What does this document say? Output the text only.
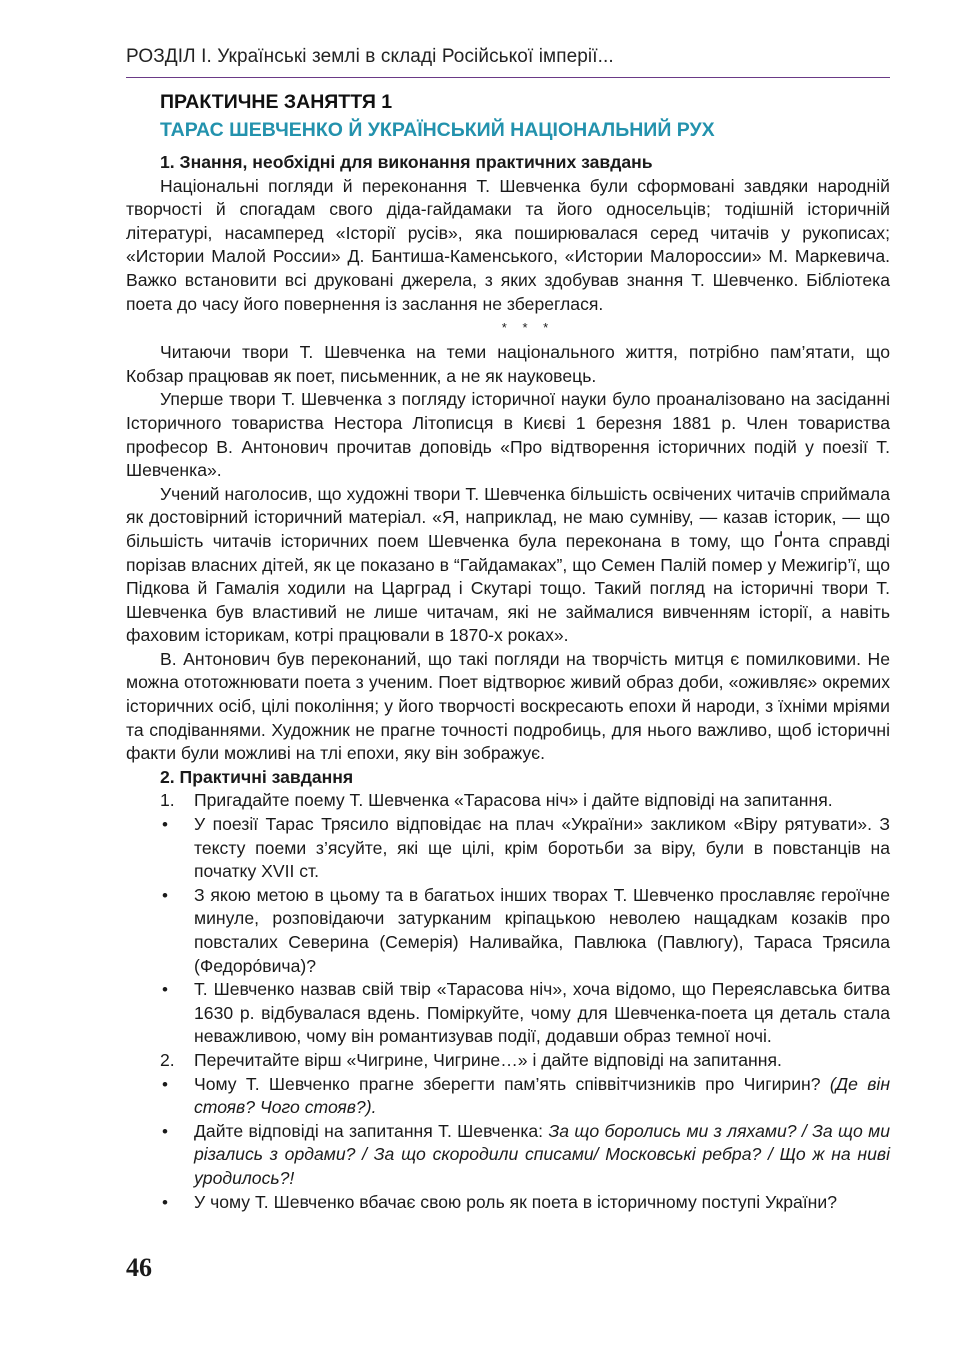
РОЗДІЛ І. Українські землі в складі Російської імперії...
ПРАКТИЧНЕ ЗАНЯТТЯ 1
ТАРАС ШЕВЧЕНКО Й УКРАЇНСЬКИЙ НАЦІОНАЛЬНИЙ РУХ
1. Знання, необхідні для виконання практичних завдань

Національні погляди й переконання Т. Шевченка були сформовані завдяки народній творчості й спогадам свого діда-гайдамаки та його односельців; тодішній історичній літературі, насамперед «Історії русів», яка поширювалася серед читачів у рукописах; «Истории Малой России» Д. Бантиша-Каменського, «Истории Малороссии» М. Маркевича. Важко встановити всі друковані джерела, з яких здобував знання Т. Шевченко. Бібліотека поета до часу його повернення із заслання не збереглася.

* * *

Читаючи твори Т. Шевченка на теми національного життя, потрібно пам’ятати, що Кобзар працював як поет, письменник, а не як науковець.

Уперше твори Т. Шевченка з погляду історичної науки було проаналізовано на засіданні Історичного товариства Нестора Літописця в Києві 1 березня 1881 р. Член товариства професор В. Антонович прочитав доповідь «Про відтворення історичних подій у поезії Т. Шевченка».

Учений наголосив, що художні твори Т. Шевченка більшість освічених читачів сприймала як достовірний історичний матеріал. «Я, наприклад, не маю сумніву, — казав історик, — що більшість читачів історичних поем Шевченка була переконана в тому, що Ґонта справді порізав власних дітей, як це показано в “Гайдамаках”, що Семен Палій помер у Межигір’ї, що Підкова й Гамалія ходили на Царград і Скутарі тощо. Такий погляд на історичні твори Т. Шевченка був властивий не лише читачам, які не займалися вивченням історії, а навіть фаховим історикам, котрі працювали в 1870-х роках».

В. Антонович був переконаний, що такі погляди на творчість митця є помилковими. Не можна ототожнювати поета з ученим. Поет відтворює живий образ доби, «оживляє» окремих історичних осіб, цілі покоління; у його творчості воскресають епохи й народи, з їхніми мріями та сподіваннями. Художник не прагне точності подробиць, для нього важливо, щоб історичні факти були можливі на тлі епохи, яку він зображує.

2. Практичні завдання
1. Пригадайте поему Т. Шевченка «Тарасова ніч» і дайте відповіді на запитання.
• У поезії Тарас Трясило відповідає на плач «України» закликом «Віру рятувати». З тексту поеми з’ясуйте, які ще цілі, крім боротьби за віру, були в повстанців на початку XVII ст.
• З якою метою в цьому та в багатьох інших творах Т. Шевченко прославляє героїчне минуле, розповідаючи затурканим кріпацькою неволею нащадкам козаків про повсталих Северина (Семерія) Наливайка, Павлюка (Павлюгу), Тараса Трясила (Федоро́вича)?
• Т. Шевченко назвав свій твір «Тарасова ніч», хоча відомо, що Переяславська битва 1630 р. відбувалася вдень. Поміркуйте, чому для Шевченка-поета ця деталь стала неважливою, чому він романтизував події, додавши образ темної ночі.
2. Перечитайте вірш «Чигрине, Чигрине…» і дайте відповіді на запитання.
• Чому Т. Шевченко прагне зберегти пам’ять співвітчизників про Чигирин? (Де він стояв? Чого стояв?).
• Дайте відповіді на запитання Т. Шевченка: За що боролись ми з ляхами? / За що ми різались з ордами? / За що скородили списами/ Московські ребра? / Що ж на ниві уродилось?!
• У чому Т. Шевченко вбачає свою роль як поета в історичному поступі України?
46
